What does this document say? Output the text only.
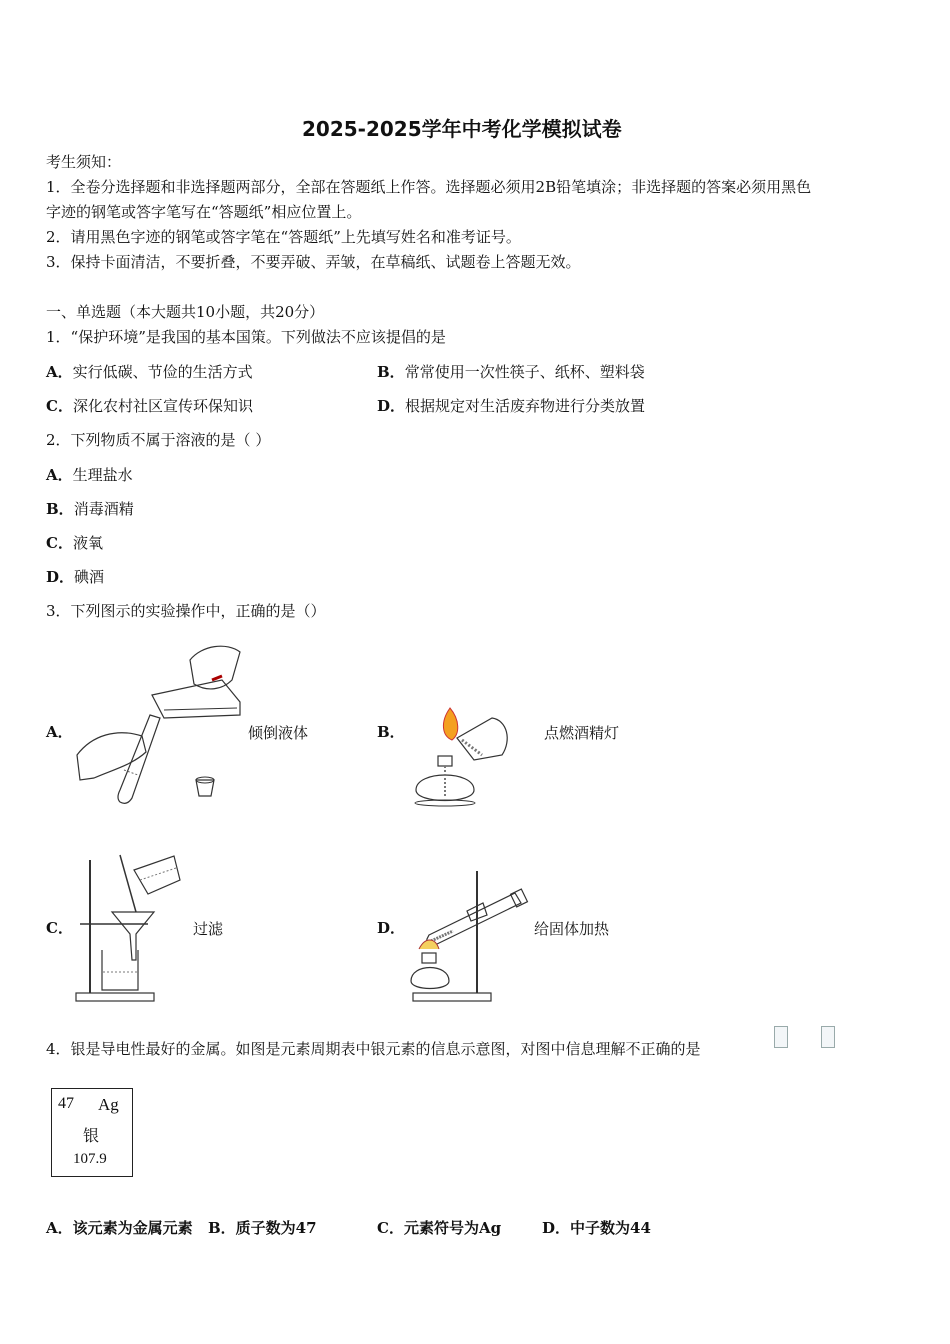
2025-2025学年中考化学模拟试卷
考生须知：
1．全卷分选择题和非选择题两部分，全部在答题纸上作答。选择题必须用2B铅笔填涂；非选择题的答案必须用黑色
字迹的钢笔或答字笔写在“答题纸”相应位置上。
2．请用黑色字迹的钢笔或答字笔在“答题纸”上先填写姓名和准考证号。
3．保持卡面清洁，不要折叠，不要弄破、弄皱，在草稿纸、试题卷上答题无效。
一、单选题（本大题共10小题，共20分）
1．“保护环境”是我国的基本国策。下列做法不应该提倡的是
A．实行低碳、节俭的生活方式	B．常常使用一次性筷子、纸杯、塑料袋
C．深化农村社区宣传环保知识	D．根据规定对生活废弃物进行分类放置
2．下列物质不属于溶液的是（ ）
A．生理盐水
B．消毒酒精
C．液氧
D．碘酒
3．下列图示的实验操作中，正确的是（）
A．	倾倒液体	B．	点燃酒精灯
C．	过滤	D．	给固体加热
4．银是导电性最好的金属。如图是元素周期表中银元素的信息示意图，对图中信息理解不正确的是
47 Ag
银
107.9
A．该元素为金属元素 B．质子数为47	C．元素符号为Ag	D．中子数为44
